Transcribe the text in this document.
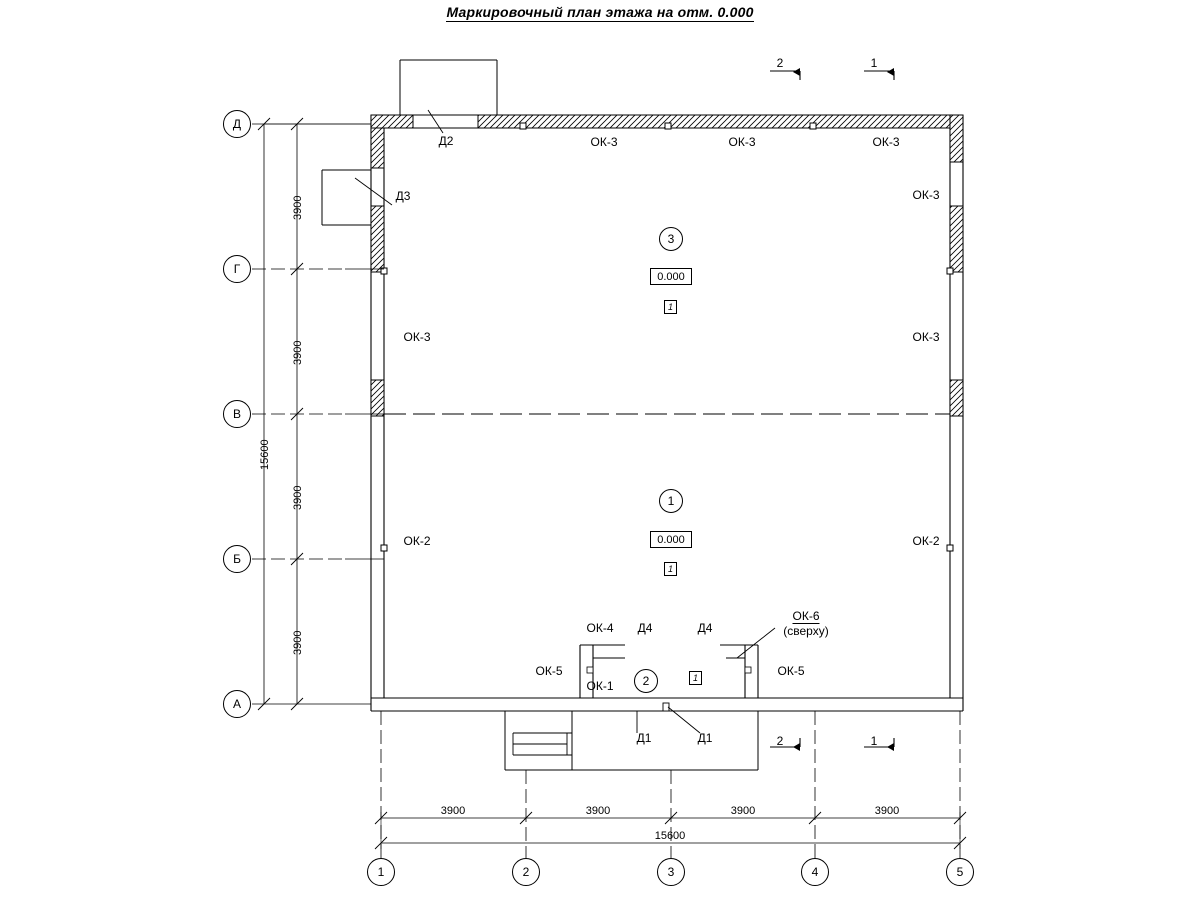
Маркировочный план этажа на отм. 0.000
Д
Г
В
Б
А
1	2	3	4	5
3
1
2
0.000
0.000
1
1
1
2	1
2	1
ОК-3	ОК-3	ОК-3
ОК-3
ОК-3	ОК-3
ОК-2	ОК-2
ОК-4
ОК-5
ОК-1
ОК-5
ОК-6
(сверху)
Д2
Д3
Д4	Д4
Д1	Д1
3900
3900
3900
3900
15600
3900	3900	3900	3900
15600
